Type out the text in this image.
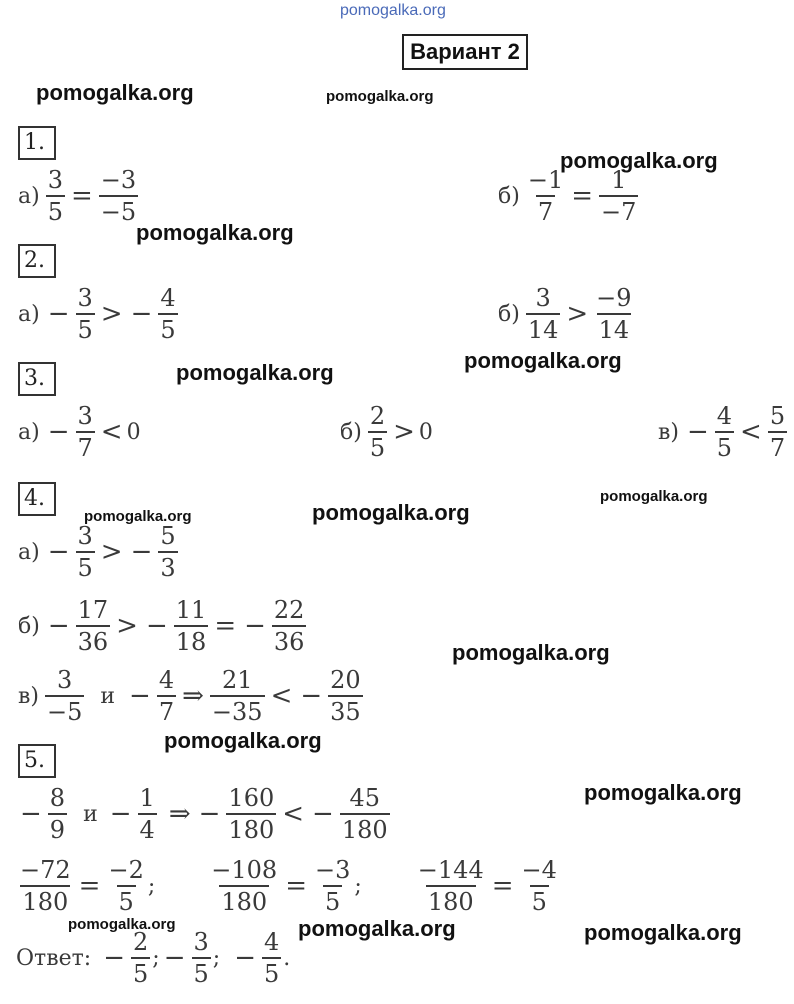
pomogalka.org
pomogalka.org	pomogalka.org
pomogalka.org
pomogalka.org
pomogalka.org
pomogalka.org
pomogalka.org
pomogalka.org	pomogalka.org
pomogalka.org
pomogalka.org
pomogalka.org
pomogalka.org	pomogalka.org	pomogalka.org
Вариант 2
1.
$а) \frac{3}{5} = \frac{-3}{-5}$	$б) \frac{-1}{7} = \frac{1}{-7}$
2.
$а) - \frac{3}{5}$ > − $\frac{4}{5}$	$б) \frac{3}{14} > \frac{-9}{14}$
3.
$а) - \frac{3}{7} < 0$	$б) \frac{2}{5} > 0$	$в) - \frac{4}{5} < \frac{5}{7}$
4.
$а) - \frac{3}{5}$ > − $\frac{5}{3}$
$б) - \frac{17}{36}$ > − $\frac{11}{18}$ = − $\frac{22}{36}$
$в) \frac{3}{-5}$ $и - \frac{4}{7}$ ⇒ $\frac{21}{-35}$ < − $\frac{20}{35}$
5.
− $\frac{8}{9}$ $и - \frac{1}{4}$ ⇒ − $\frac{160}{180}$ < − $\frac{45}{180}$
$\frac{-72}{180} = \frac{-2}{5}$ ; $\frac{-108}{180} = \frac{-3}{5}$ ; $\frac{-144}{180} = \frac{-4}{5}$
Ответ: − $\frac{2}{5}$ ; − $\frac{3}{5}$ ; − $\frac{4}{5}$ .
